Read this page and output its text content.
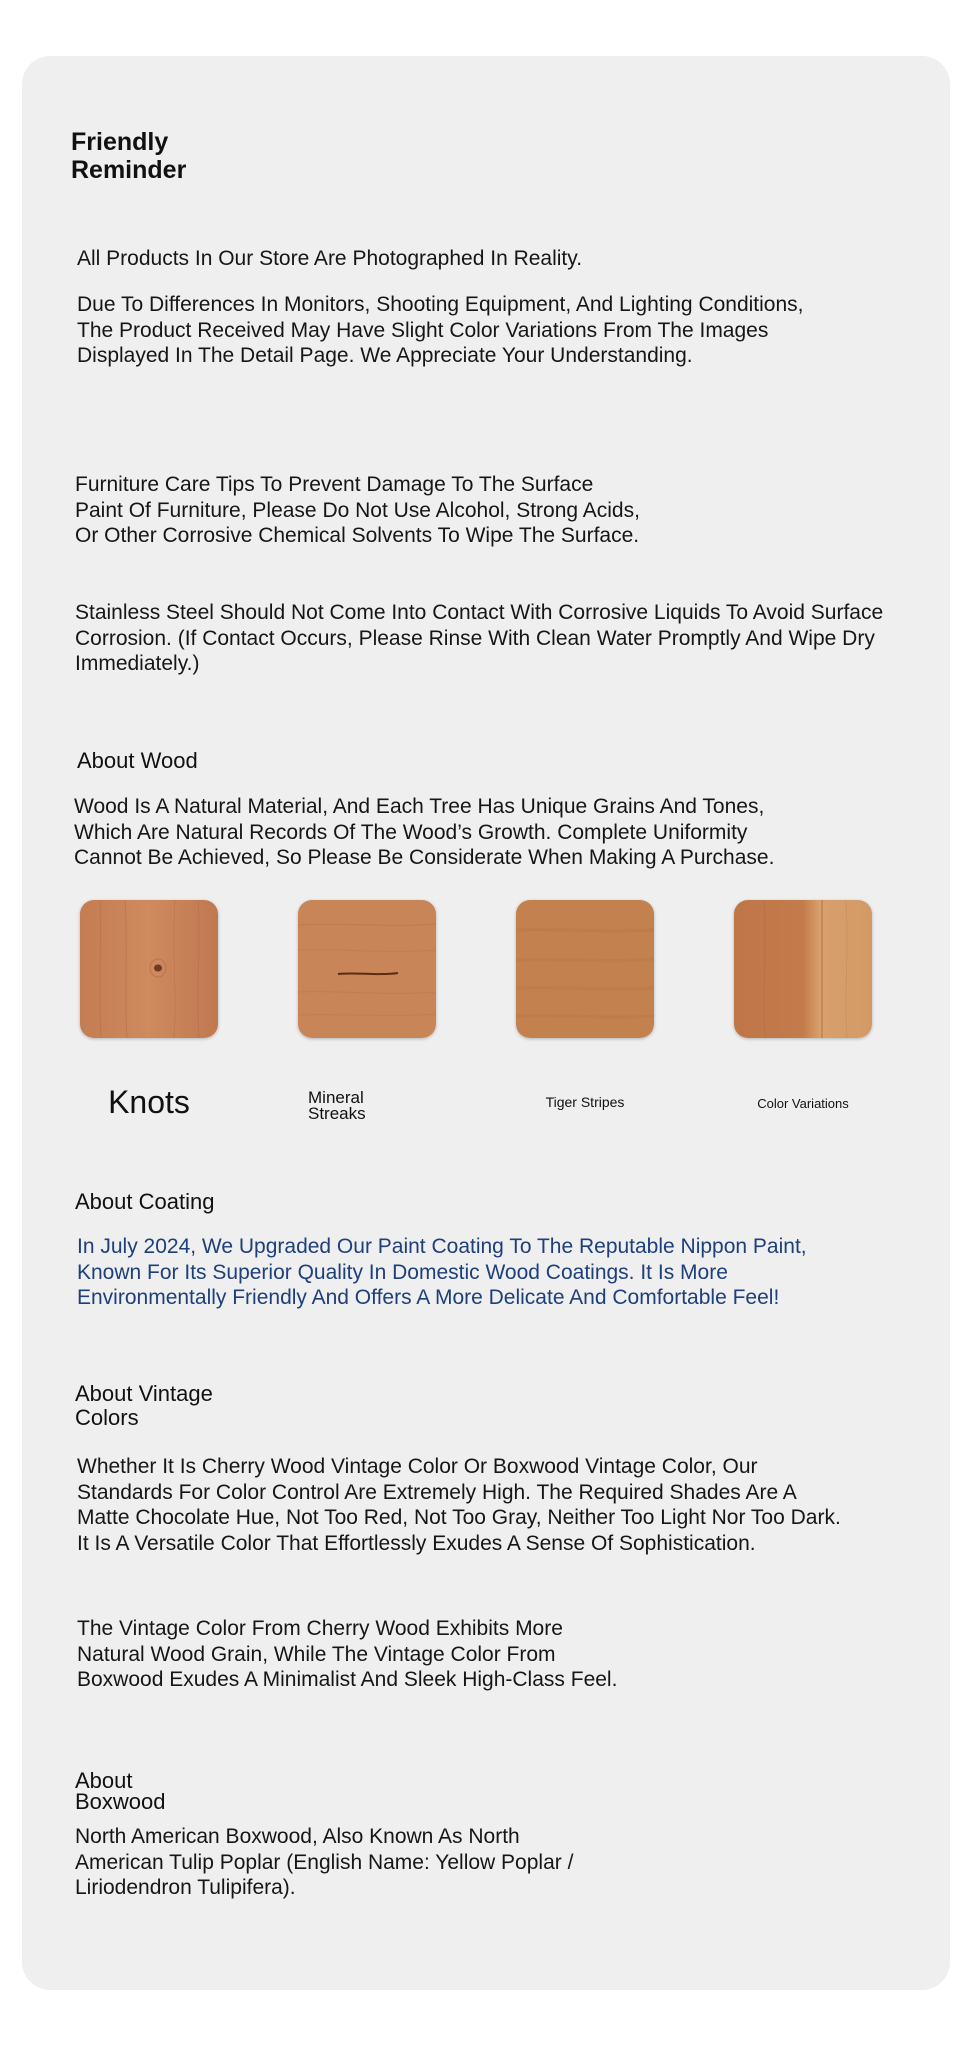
Friendly
Reminder
All Products In Our Store Are Photographed In Reality.
Due To Differences In Monitors, Shooting Equipment, And Lighting Conditions,
The Product Received May Have Slight Color Variations From The Images
Displayed In The Detail Page. We Appreciate Your Understanding.
Furniture Care Tips To Prevent Damage To The Surface
Paint Of Furniture, Please Do Not Use Alcohol, Strong Acids,
Or Other Corrosive Chemical Solvents To Wipe The Surface.
Stainless Steel Should Not Come Into Contact With Corrosive Liquids To Avoid Surface
Corrosion. (If Contact Occurs, Please Rinse With Clean Water Promptly And Wipe Dry
Immediately.)
About Wood
Wood Is A Natural Material, And Each Tree Has Unique Grains And Tones,
Which Are Natural Records Of The Wood’s Growth. Complete Uniformity
Cannot Be Achieved, So Please Be Considerate When Making A Purchase.
Knots	Mineral
Streaks
Tiger Stripes	Color Variations
About Coating
In July 2024, We Upgraded Our Paint Coating To The Reputable Nippon Paint,
Known For Its Superior Quality In Domestic Wood Coatings. It Is More
Environmentally Friendly And Offers A More Delicate And Comfortable Feel!
About Vintage
Colors
Whether It Is Cherry Wood Vintage Color Or Boxwood Vintage Color, Our
Standards For Color Control Are Extremely High. The Required Shades Are A
Matte Chocolate Hue, Not Too Red, Not Too Gray, Neither Too Light Nor Too Dark.
It Is A Versatile Color That Effortlessly Exudes A Sense Of Sophistication.
The Vintage Color From Cherry Wood Exhibits More
Natural Wood Grain, While The Vintage Color From
Boxwood Exudes A Minimalist And Sleek High-Class Feel.
About
Boxwood
North American Boxwood, Also Known As North
American Tulip Poplar (English Name: Yellow Poplar /
Liriodendron Tulipifera).
